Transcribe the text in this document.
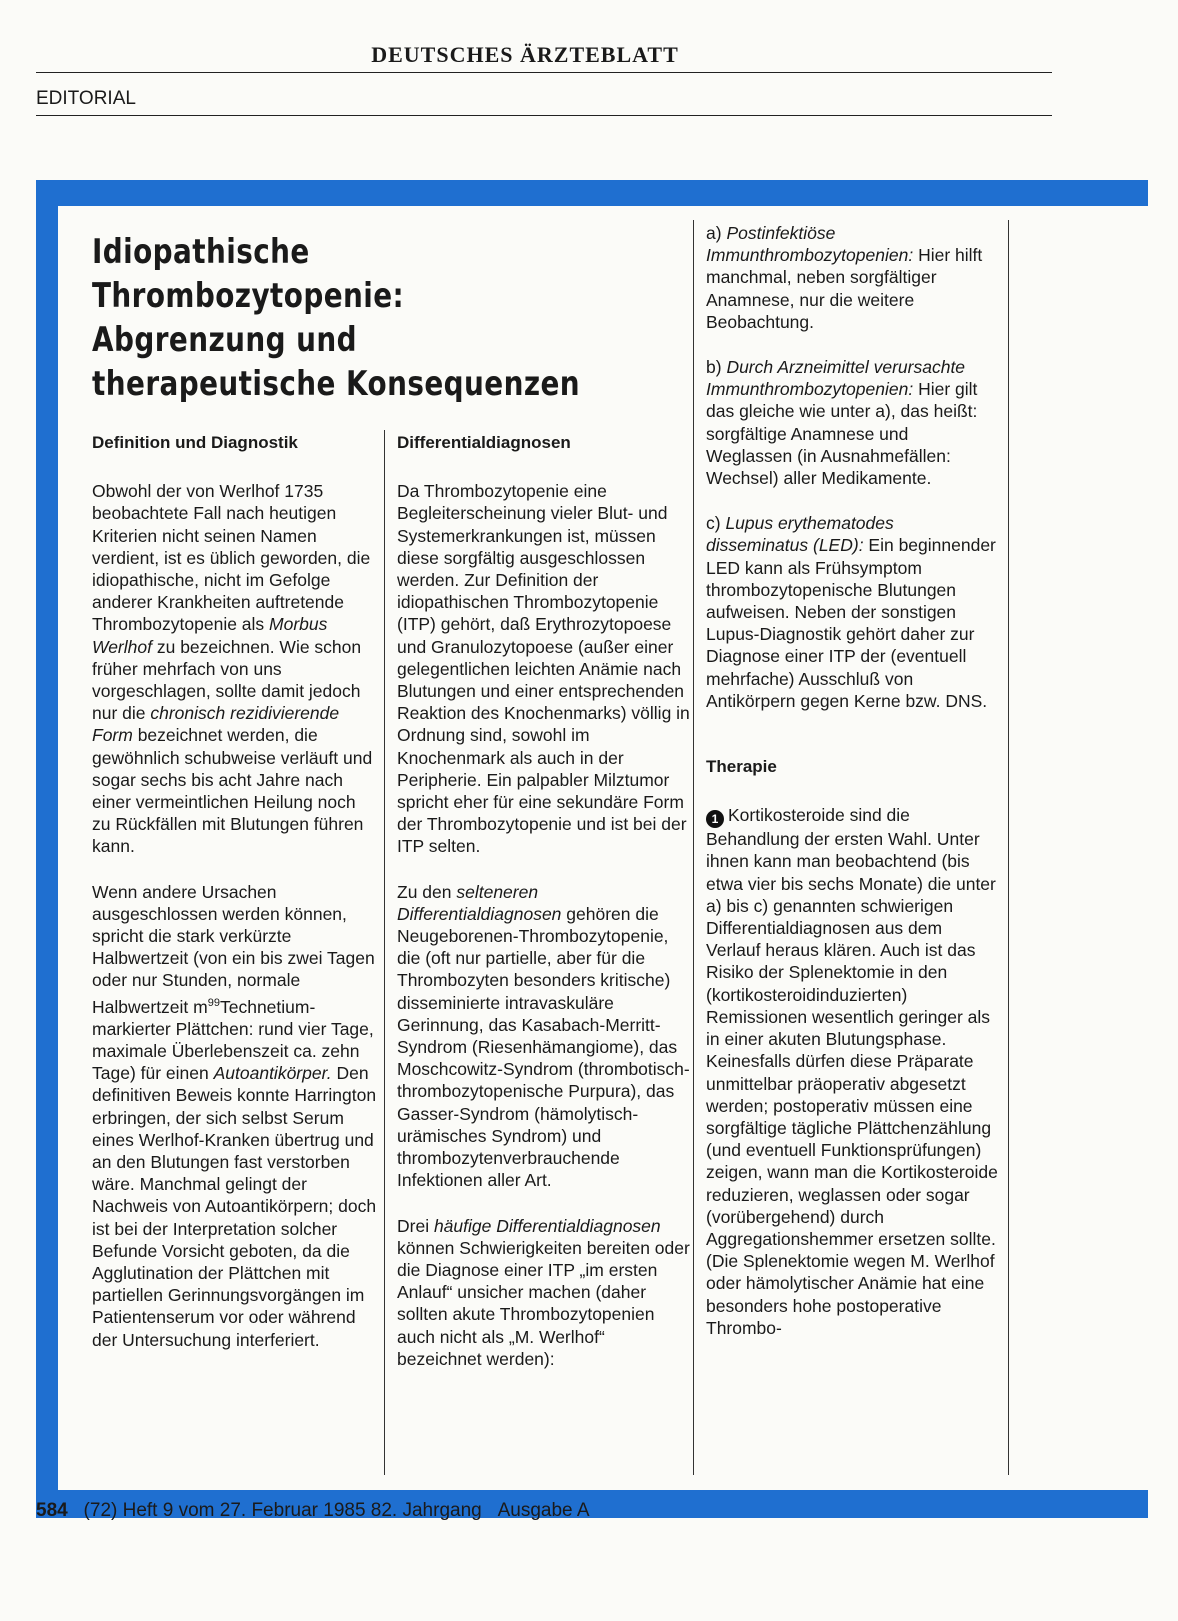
DEUTSCHES ÄRZTEBLATT
EDITORIAL
Idiopathische Thrombozytopenie:
Abgrenzung und
therapeutische Konsequenzen
Definition und Diagnostik

Obwohl der von Werlhof 1735 beobachtete Fall nach heutigen Kriterien nicht seinen Namen verdient, ist es üblich geworden, die idiopathische, nicht im Gefolge anderer Krankheiten auftretende Thrombozytopenie als Morbus Werlhof zu bezeichnen. Wie schon früher mehrfach von uns vorgeschlagen, sollte damit jedoch nur die chronisch rezidivierende Form bezeichnet werden, die gewöhnlich schubweise verläuft und sogar sechs bis acht Jahre nach einer vermeintlichen Heilung noch zu Rückfällen mit Blutungen führen kann.

Wenn andere Ursachen ausgeschlossen werden können, spricht die stark verkürzte Halbwertzeit (von ein bis zwei Tagen oder nur Stunden, normale Halbwertzeit $m^{99}Technetium$-markierter Plättchen: rund vier Tage, maximale Überlebenszeit ca. zehn Tage) für einen Autoantikörper. Den definitiven Beweis konnte Harrington erbringen, der sich selbst Serum eines Werlhof-Kranken übertrug und an den Blutungen fast verstorben wäre. Manchmal gelingt der Nachweis von Autoantikörpern; doch ist bei der Interpretation solcher Befunde Vorsicht geboten, da die Agglutination der Plättchen mit partiellen Gerinnungsvorgängen im Patientenserum vor oder während der Untersuchung interferiert.

Differentialdiagnosen

Da Thrombozytopenie eine Begleiterscheinung vieler Blut- und Systemerkrankungen ist, müssen diese sorgfältig ausgeschlossen werden. Zur Definition der idiopathischen Thrombozytopenie (ITP) gehört, daß Erythrozytopoese und Granulozytopoese (außer einer gelegentlichen leichten Anämie nach Blutungen und einer entsprechenden Reaktion des Knochenmarks) völlig in Ordnung sind, sowohl im Knochenmark als auch in der Peripherie. Ein palpabler Milztumor spricht eher für eine sekundäre Form der Thrombozytopenie und ist bei der ITP selten.

Zu den selteneren Differentialdiagnosen gehören die Neugeborenen-Thrombozytopenie, die (oft nur partielle, aber für die Thrombozyten besonders kritische) disseminierte intravaskuläre Gerinnung, das Kasabach-Merritt-Syndrom (Riesenhämangiome), das Moschcowitz-Syndrom (thrombotisch-thrombozytopenische Purpura), das Gasser-Syndrom (hämolytisch-urämisches Syndrom) und thrombozytenverbrauchende Infektionen aller Art.

Drei häufige Differentialdiagnosen können Schwierigkeiten bereiten oder die Diagnose einer ITP „im ersten Anlauf“ unsicher machen (daher sollten akute Thrombozytopenien auch nicht als „M. Werlhof“ bezeichnet werden):

a) Postinfektiöse Immunthrombozytopenien: Hier hilft manchmal, neben sorgfältiger Anamnese, nur die weitere Beobachtung.

b) Durch Arzneimittel verursachte Immunthrombozytopenien: Hier gilt das gleiche wie unter a), das heißt: sorgfältige Anamnese und Weglassen (in Ausnahmefällen: Wechsel) aller Medikamente.

c) Lupus erythematodes disseminatus (LED): Ein beginnender LED kann als Frühsymptom thrombozytopenische Blutungen aufweisen. Neben der sonstigen Lupus-Diagnostik gehört daher zur Diagnose einer ITP der (eventuell mehrfache) Ausschluß von Antikörpern gegen Kerne bzw. DNS.

Therapie

1 Kortikosteroide sind die Behandlung der ersten Wahl. Unter ihnen kann man beobachtend (bis etwa vier bis sechs Monate) die unter a) bis c) genannten schwierigen Differentialdiagnosen aus dem Verlauf heraus klären. Auch ist das Risiko der Splenektomie in den (kortikosteroidinduzierten) Remissionen wesentlich geringer als in einer akuten Blutungsphase. Keinesfalls dürfen diese Präparate unmittelbar präoperativ abgesetzt werden; postoperativ müssen eine sorgfältige tägliche Plättchenzählung (und eventuell Funktionsprüfungen) zeigen, wann man die Kortikosteroide reduzieren, weglassen oder sogar (vorübergehend) durch Aggregationshemmer ersetzen sollte. (Die Splenektomie wegen M. Werlhof oder hämolytischer Anämie hat eine besonders hohe postoperative Thrombo-

584 (72) Heft 9 vom 27. Februar 1985 82. Jahrgang Ausgabe A
